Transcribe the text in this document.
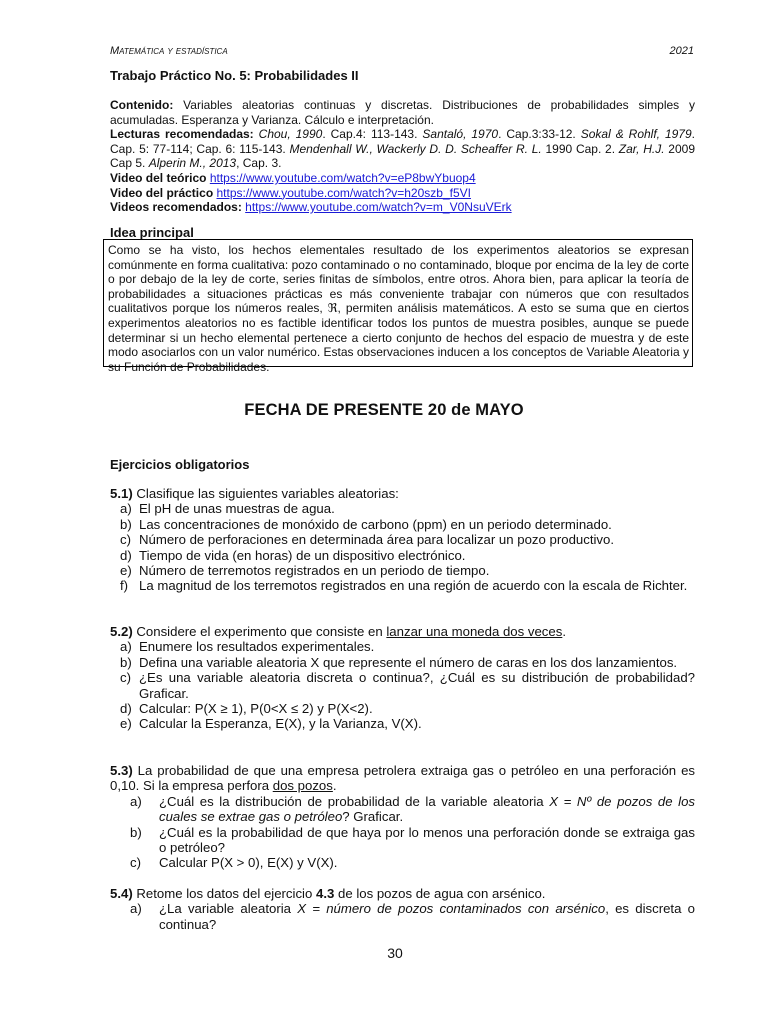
Matemática y estadística	2021
Trabajo Práctico No. 5: Probabilidades II

Contenido: Variables aleatorias continuas y discretas. Distribuciones de probabilidades simples y acumuladas. Esperanza y Varianza. Cálculo e interpretación.

Lecturas recomendadas: Chou, 1990. Cap.4: 113-143. Santaló, 1970. Cap.3:33-12. Sokal & Rohlf, 1979. Cap. 5: 77-114; Cap. 6: 115-143. Mendenhall W., Wackerly D. D. Scheaffer R. L. 1990 Cap. 2. Zar, H.J. 2009 Cap 5. Alperin M., 2013, Cap. 3.

Video del teórico https://www.youtube.com/watch?v=eP8bwYbuop4

Video del práctico https://www.youtube.com/watch?v=h20szb_f5VI

Videos recomendados: https://www.youtube.com/watch?v=m_V0NsuVErk

Idea principal
Como se ha visto, los hechos elementales resultado de los experimentos aleatorios se expresan comúnmente en forma cualitativa: pozo contaminado o no contaminado, bloque por encima de la ley de corte o por debajo de la ley de corte, series finitas de símbolos, entre otros. Ahora bien, para aplicar la teoría de probabilidades a situaciones prácticas es más conveniente trabajar con números que con resultados cualitativos porque los números reales, ℜ, permiten análisis matemáticos. A esto se suma que en ciertos experimentos aleatorios no es factible identificar todos los puntos de muestra posibles, aunque se puede determinar si un hecho elemental pertenece a cierto conjunto de hechos del espacio de muestra y de este modo asociarlos con un valor numérico. Estas observaciones inducen a los conceptos de Variable Aleatoria y su Función de Probabilidades.
FECHA DE PRESENTE 20 de MAYO
Ejercicios obligatorios

5.1) Clasifique las siguientes variables aleatorias:

a) El pH de unas muestras de agua.
b) Las concentraciones de monóxido de carbono (ppm) en un periodo determinado.
c) Número de perforaciones en determinada área para localizar un pozo productivo.
d) Tiempo de vida (en horas) de un dispositivo electrónico.
e) Número de terremotos registrados en un periodo de tiempo.
f) La magnitud de los terremotos registrados en una región de acuerdo con la escala de Richter.

5.2) Considere el experimento que consiste en lanzar una moneda dos veces.

a) Enumere los resultados experimentales.
b) Defina una variable aleatoria X que represente el número de caras en los dos lanzamientos.
c) ¿Es una variable aleatoria discreta o continua?, ¿Cuál es su distribución de probabilidad? Graficar.
d) Calcular: P(X ≥ 1), P(0<X ≤ 2) y P(X<2).
e) Calcular la Esperanza, E(X), y la Varianza, V(X).

5.3) La probabilidad de que una empresa petrolera extraiga gas o petróleo en una perforación es 0,10. Si la empresa perfora dos pozos.

a)	¿Cuál es la distribución de probabilidad de la variable aleatoria X = Nº de pozos de los cuales se extrae gas o petróleo? Graficar.
b)	¿Cuál es la probabilidad de que haya por lo menos una perforación donde se extraiga gas o petróleo?
c)	Calcular P(X > 0), E(X) y V(X).

5.4) Retome los datos del ejercicio 4.3 de los pozos de agua con arsénico.

a)	¿La variable aleatoria X = número de pozos contaminados con arsénico, es discreta o continua?
30
